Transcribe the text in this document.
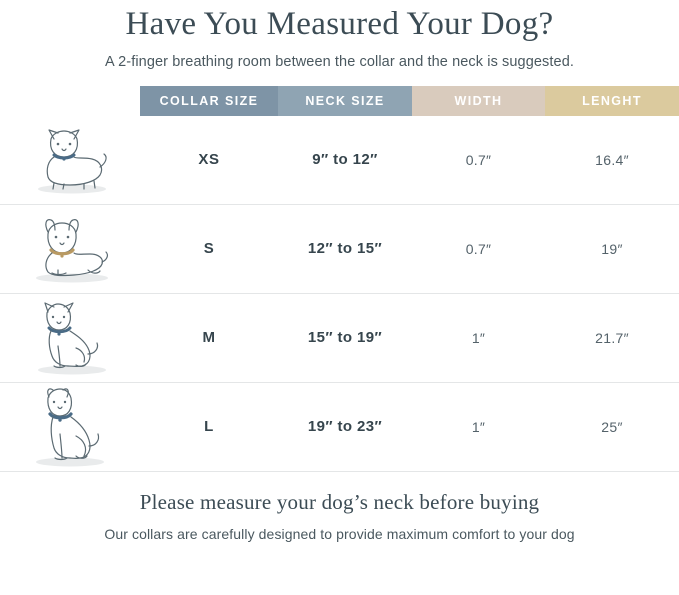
Have You Measured Your Dog?
A 2-finger breathing room between the collar and the neck is suggested.
	COLLAR SIZE	NECK SIZE	WIDTH	LENGHT

	XS	9″ to 12″	0.7″	16.4″

	S	12″ to 15″	0.7″	19″

	M	15″ to 19″	1″	21.7″

	L	19″ to 23″	1″	25″
Please measure your dog’s neck before buying
Our collars are carefully designed to provide maximum comfort to your dog
